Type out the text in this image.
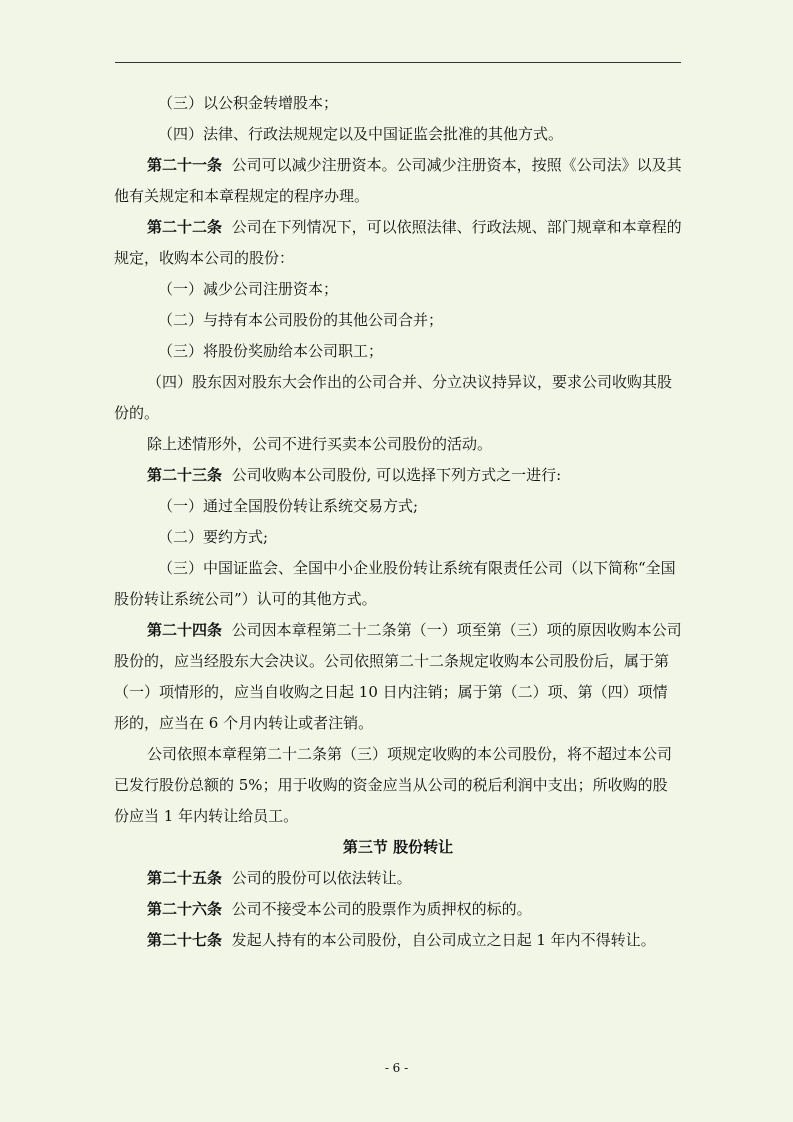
（三）以公积金转增股本；

（四）法律、行政法规规定以及中国证监会批准的其他方式。

第二十一条 公司可以减少注册资本。公司减少注册资本，按照《公司法》以及其他有关规定和本章程规定的程序办理。

第二十二条 公司在下列情况下，可以依照法律、行政法规、部门规章和本章程的规定，收购本公司的股份：

（一）减少公司注册资本；

（二）与持有本公司股份的其他公司合并；

（三）将股份奖励给本公司职工；

（四）股东因对股东大会作出的公司合并、分立决议持异议，要求公司收购其股份的。

除上述情形外，公司不进行买卖本公司股份的活动。

第二十三条 公司收购本公司股份, 可以选择下列方式之一进行:

（一）通过全国股份转让系统交易方式;

（二）要约方式;

（三）中国证监会、全国中小企业股份转让系统有限责任公司（以下简称“全国股份转让系统公司”）认可的其他方式。

第二十四条 公司因本章程第二十二条第（一）项至第（三）项的原因收购本公司股份的，应当经股东大会决议。公司依照第二十二条规定收购本公司股份后，属于第（一）项情形的，应当自收购之日起 10 日内注销；属于第（二）项、第（四）项情形的，应当在 6 个月内转让或者注销。

公司依照本章程第二十二条第（三）项规定收购的本公司股份，将不超过本公司已发行股份总额的 5%；用于收购的资金应当从公司的税后利润中支出；所收购的股份应当 1 年内转让给员工。

第三节 股份转让

第二十五条 公司的股份可以依法转让。

第二十六条 公司不接受本公司的股票作为质押权的标的。

第二十七条 发起人持有的本公司股份，自公司成立之日起 1 年内不得转让。

- 6 -
